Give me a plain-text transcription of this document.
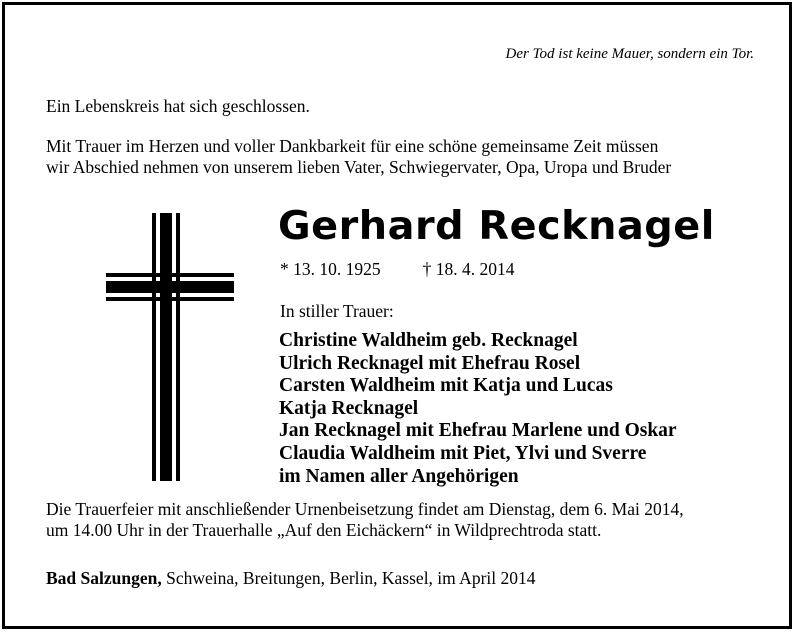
Der Tod ist keine Mauer, sondern ein Tor.
Ein Lebenskreis hat sich geschlossen.
Mit Trauer im Herzen und voller Dankbarkeit für eine schöne gemeinsame Zeit müssen
wir Abschied nehmen von unserem lieben Vater, Schwiegervater, Opa, Uropa und Bruder
Gerhard Recknagel
* 13. 10. 1925 † 18. 4. 2014
In stiller Trauer:
Christine Waldheim geb. Recknagel
Ulrich Recknagel mit Ehefrau Rosel
Carsten Waldheim mit Katja und Lucas
Katja Recknagel
Jan Recknagel mit Ehefrau Marlene und Oskar
Claudia Waldheim mit Piet, Ylvi und Sverre
im Namen aller Angehörigen
Die Trauerfeier mit anschließender Urnenbeisetzung findet am Dienstag, dem 6. Mai 2014,
um 14.00 Uhr in der Trauerhalle „Auf den Eichäckern“ in Wildprechtroda statt.
Bad Salzungen, Schweina, Breitungen, Berlin, Kassel, im April 2014
